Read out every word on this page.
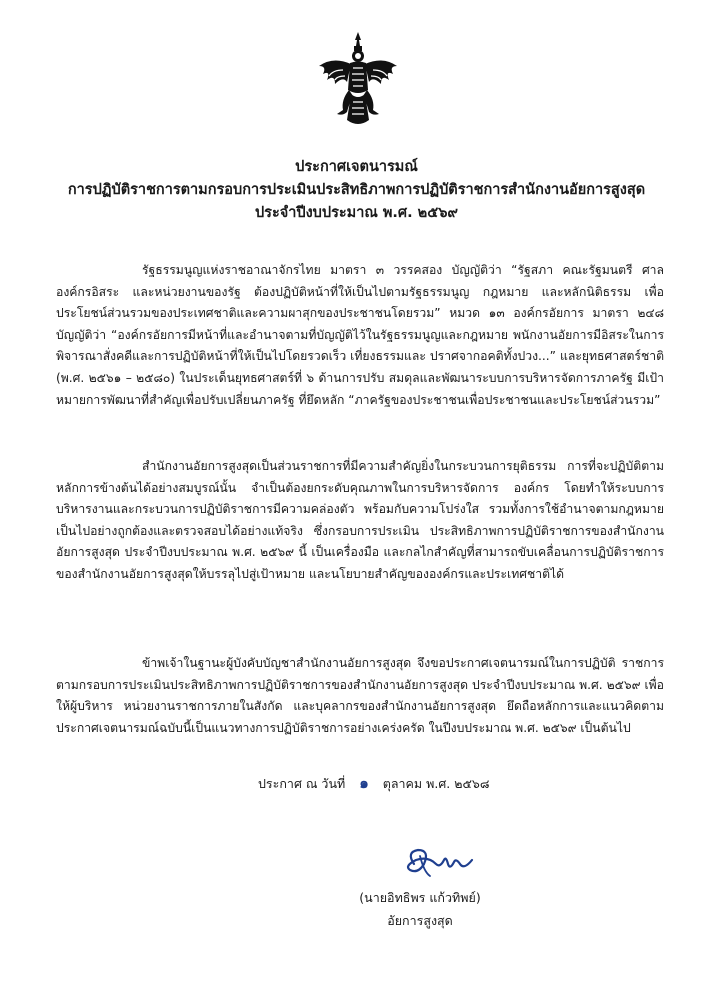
ประกาศเจตนารมณ์
การปฏิบัติราชการตามกรอบการประเมินประสิทธิภาพการปฏิบัติราชการสำนักงานอัยการสูงสุด
ประจำปีงบประมาณ พ.ศ. ๒๕๖๙

รัฐธรรมนูญแห่งราชอาณาจักรไทย มาตรา ๓ วรรคสอง บัญญัติว่า “รัฐสภา คณะรัฐมนตรี ศาล องค์กรอิสระ และหน่วยงานของรัฐ ต้องปฏิบัติหน้าที่ให้เป็นไปตามรัฐธรรมนูญ กฎหมาย และหลักนิติธรรม เพื่อประโยชน์ส่วนรวมของประเทศชาติและความผาสุกของประชาชนโดยรวม” หมวด ๑๓ องค์กรอัยการ มาตรา ๒๔๘ บัญญัติว่า “องค์กรอัยการมีหน้าที่และอำนาจตามที่บัญญัติไว้ในรัฐธรรมนูญและกฎหมาย พนักงานอัยการมีอิสระในการพิจารณาสั่งคดีและการปฏิบัติหน้าที่ให้เป็นไปโดยรวดเร็ว เที่ยงธรรมและ ปราศจากอคติทั้งปวง...” และยุทธศาสตร์ชาติ (พ.ศ. ๒๕๖๑ – ๒๕๘๐) ในประเด็นยุทธศาสตร์ที่ ๖ ด้านการปรับ สมดุลและพัฒนาระบบการบริหารจัดการภาครัฐ มีเป้าหมายการพัฒนาที่สำคัญเพื่อปรับเปลี่ยนภาครัฐ ที่ยึดหลัก “ภาครัฐของประชาชนเพื่อประชาชนและประโยชน์ส่วนรวม”

สำนักงานอัยการสูงสุดเป็นส่วนราชการที่มีความสำคัญยิ่งในกระบวนการยุติธรรม การที่จะปฏิบัติตามหลักการข้างต้นได้อย่างสมบูรณ์นั้น จำเป็นต้องยกระดับคุณภาพในการบริหารจัดการ องค์กร โดยทำให้ระบบการบริหารงานและกระบวนการปฏิบัติราชการมีความคล่องตัว พร้อมกับความโปร่งใส รวมทั้งการใช้อำนาจตามกฎหมายเป็นไปอย่างถูกต้องและตรวจสอบได้อย่างแท้จริง ซึ่งกรอบการประเมิน ประสิทธิภาพการปฏิบัติราชการของสำนักงานอัยการสูงสุด ประจำปีงบประมาณ พ.ศ. ๒๕๖๙ นี้ เป็นเครื่องมือ และกลไกสำคัญที่สามารถขับเคลื่อนการปฏิบัติราชการของสำนักงานอัยการสูงสุดให้บรรลุไปสู่เป้าหมาย และนโยบายสำคัญขององค์กรและประเทศชาติได้

ข้าพเจ้าในฐานะผู้บังคับบัญชาสำนักงานอัยการสูงสุด จึงขอประกาศเจตนารมณ์ในการปฏิบัติ ราชการตามกรอบการประเมินประสิทธิภาพการปฏิบัติราชการของสำนักงานอัยการสูงสุด ประจำปีงบประมาณ พ.ศ. ๒๕๖๙ เพื่อให้ผู้บริหาร หน่วยงานราชการภายในสังกัด และบุคลากรของสำนักงานอัยการสูงสุด ยึดถือหลักการและแนวคิดตามประกาศเจตนารมณ์ฉบับนี้เป็นแนวทางการปฏิบัติราชการอย่างเคร่งครัด ในปีงบประมาณ พ.ศ. ๒๕๖๙ เป็นต้นไป

ประกาศ ณ วันที่ ๑ ตุลาคม พ.ศ. ๒๕๖๘
(นายอิทธิพร แก้วทิพย์)
อัยการสูงสุด
